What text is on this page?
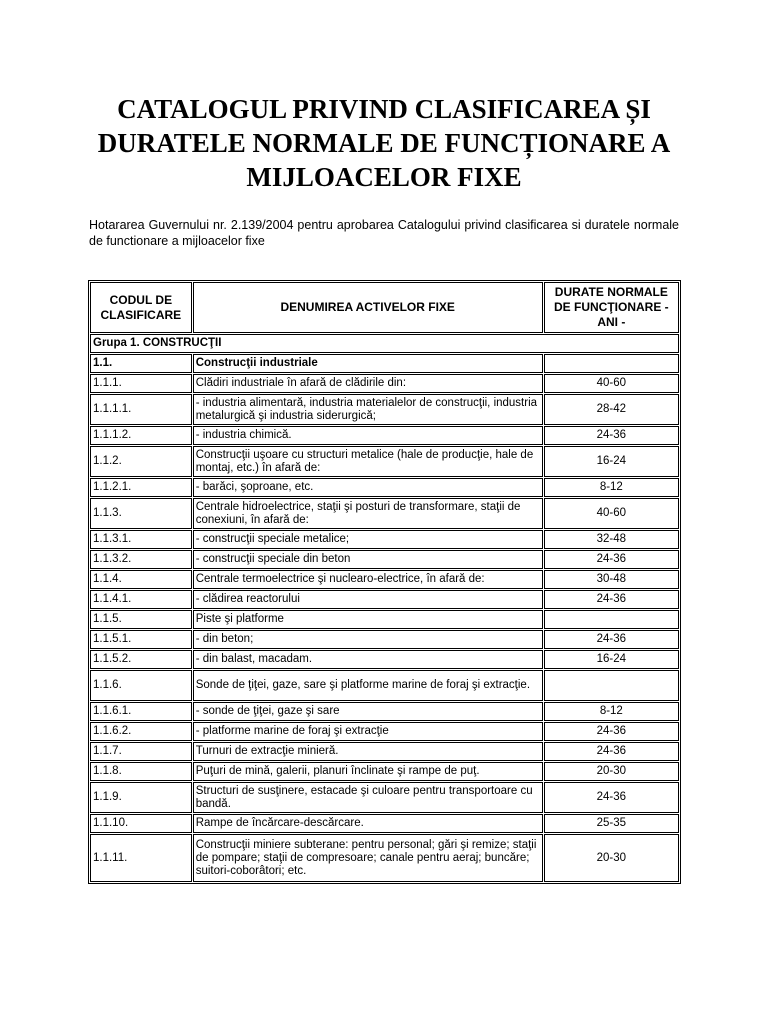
CATALOGUL PRIVIND CLASIFICAREA ȘI DURATELE NORMALE DE FUNCȚIONARE A MIJLOACELOR FIXE

Hotararea Guvernului nr. 2.139/2004 pentru aprobarea Catalogului privind clasificarea si duratele normale de functionare a mijloacelor fixe

CODUL DE CLASIFICARE	DENUMIREA ACTIVELOR FIXE	DURATE NORMALE DE FUNCŢIONARE - ANI -
Grupa 1. CONSTRUCŢII		
1.1.	Construcţii industriale	
1.1.1.	Clădiri industriale în afară de clădirile din:	40-60
1.1.1.1.	- industria alimentară, industria materialelor de construcţii, industria metalurgică şi industria siderurgică;	28-42
1.1.1.2.	- industria chimică.	24-36
1.1.2.	Construcţii uşoare cu structuri metalice (hale de producţie, hale de montaj, etc.) în afară de:	16-24
1.1.2.1.	- barăci, şoproane, etc.	8-12
1.1.3.	Centrale hidroelectrice, staţii şi posturi de transformare, staţii de conexiuni, în afară de:	40-60
1.1.3.1.	- construcţii speciale metalice;	32-48
1.1.3.2.	- construcţii speciale din beton	24-36
1.1.4.	Centrale termoelectrice şi nuclearo-electrice, în afară de:	30-48
1.1.4.1.	- clădirea reactorului	24-36
1.1.5.	Piste şi platforme	
1.1.5.1.	- din beton;	24-36
1.1.5.2.	- din balast, macadam.	16-24
1.1.6.	Sonde de ţiţei, gaze, sare şi platforme marine de foraj şi extracţie.	
1.1.6.1.	- sonde de ţiţei, gaze şi sare	8-12
1.1.6.2.	- platforme marine de foraj şi extracţie	24-36
1.1.7.	Turnuri de extracţie minieră.	24-36
1.1.8.	Puţuri de mină, galerii, planuri înclinate şi rampe de puţ.	20-30
1.1.9.	Structuri de susţinere, estacade şi culoare pentru transportoare cu bandă.	24-36
1.1.10.	Rampe de încărcare-descărcare.	25-35
1.1.11.	Construcţii miniere subterane: pentru personal; gări şi remize; staţii de pompare; staţii de compresoare; canale pentru aeraj; buncăre; suitori-coborâtori; etc.	20-30
